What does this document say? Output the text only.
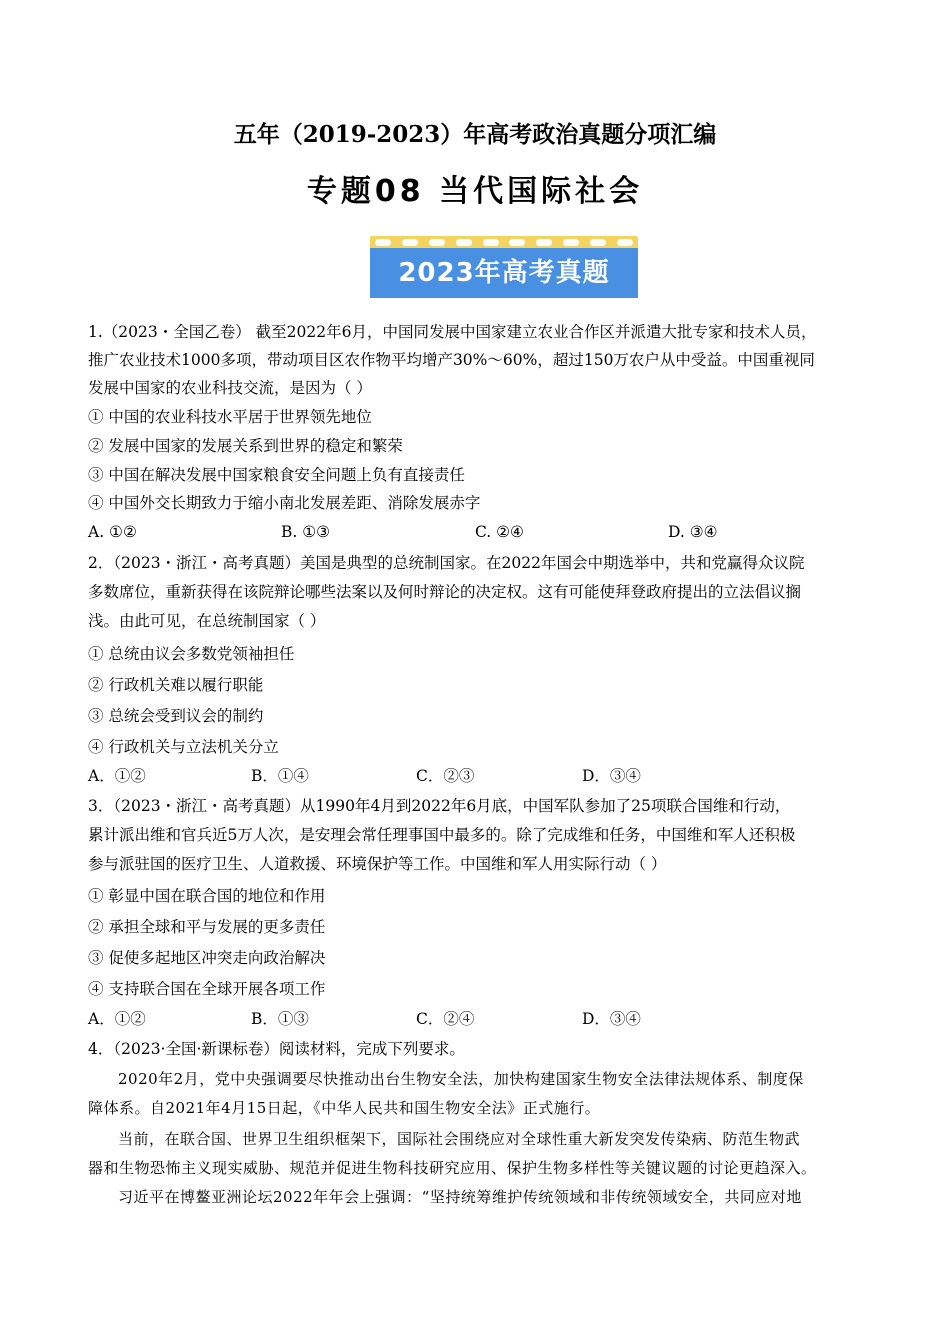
五年（2019-2023）年高考政治真题分项汇编
专题08 当代国际社会
2023年高考真题
1.（2023・全国乙卷） 截至2022年6月，中国同发展中国家建立农业合作区并派遣大批专家和技术人员，
推广农业技术1000多项，带动项目区农作物平均增产30%～60%，超过150万农户从中受益。中国重视同
发展中国家的农业科技交流，是因为（ ）
① 中国的农业科技水平居于世界领先地位
② 发展中国家的发展关系到世界的稳定和繁荣
③ 中国在解决发展中国家粮食安全问题上负有直接责任
④ 中国外交长期致力于缩小南北发展差距、消除发展赤字
A. ①②	B. ①③	C. ②④	D. ③④
2．（2023・浙江・高考真题）美国是典型的总统制国家。在2022年国会中期选举中，共和党赢得众议院
多数席位，重新获得在该院辩论哪些法案以及何时辩论的决定权。这有可能使拜登政府提出的立法倡议搁
浅。由此可见，在总统制国家（ ）
① 总统由议会多数党领袖担任
② 行政机关难以履行职能
③ 总统会受到议会的制约
④ 行政机关与立法机关分立
A．①②	B．①④	C．②③	D．③④
3．（2023・浙江・高考真题）从1990年4月到2022年6月底，中国军队参加了25项联合国维和行动，
累计派出维和官兵近5万人次，是安理会常任理事国中最多的。除了完成维和任务，中国维和军人还积极
参与派驻国的医疗卫生、人道救援、环境保护等工作。中国维和军人用实际行动（ ）
① 彰显中国在联合国的地位和作用
② 承担全球和平与发展的更多责任
③ 促使多起地区冲突走向政治解决
④ 支持联合国在全球开展各项工作
A．①②	B．①③	C．②④	D．③④
4．（2023·全国·新课标卷）阅读材料，完成下列要求。
2020年2月，党中央强调要尽快推动出台生物安全法，加快构建国家生物安全法律法规体系、制度保
障体系。自2021年4月15日起，《中华人民共和国生物安全法》正式施行。
当前，在联合国、世界卫生组织框架下，国际社会围绕应对全球性重大新发突发传染病、防范生物武
器和生物恐怖主义现实威胁、规范并促进生物科技研究应用、保护生物多样性等关键议题的讨论更趋深入。
习近平在博鳌亚洲论坛2022年年会上强调：“坚持统筹维护传统领域和非传统领域安全，共同应对地
